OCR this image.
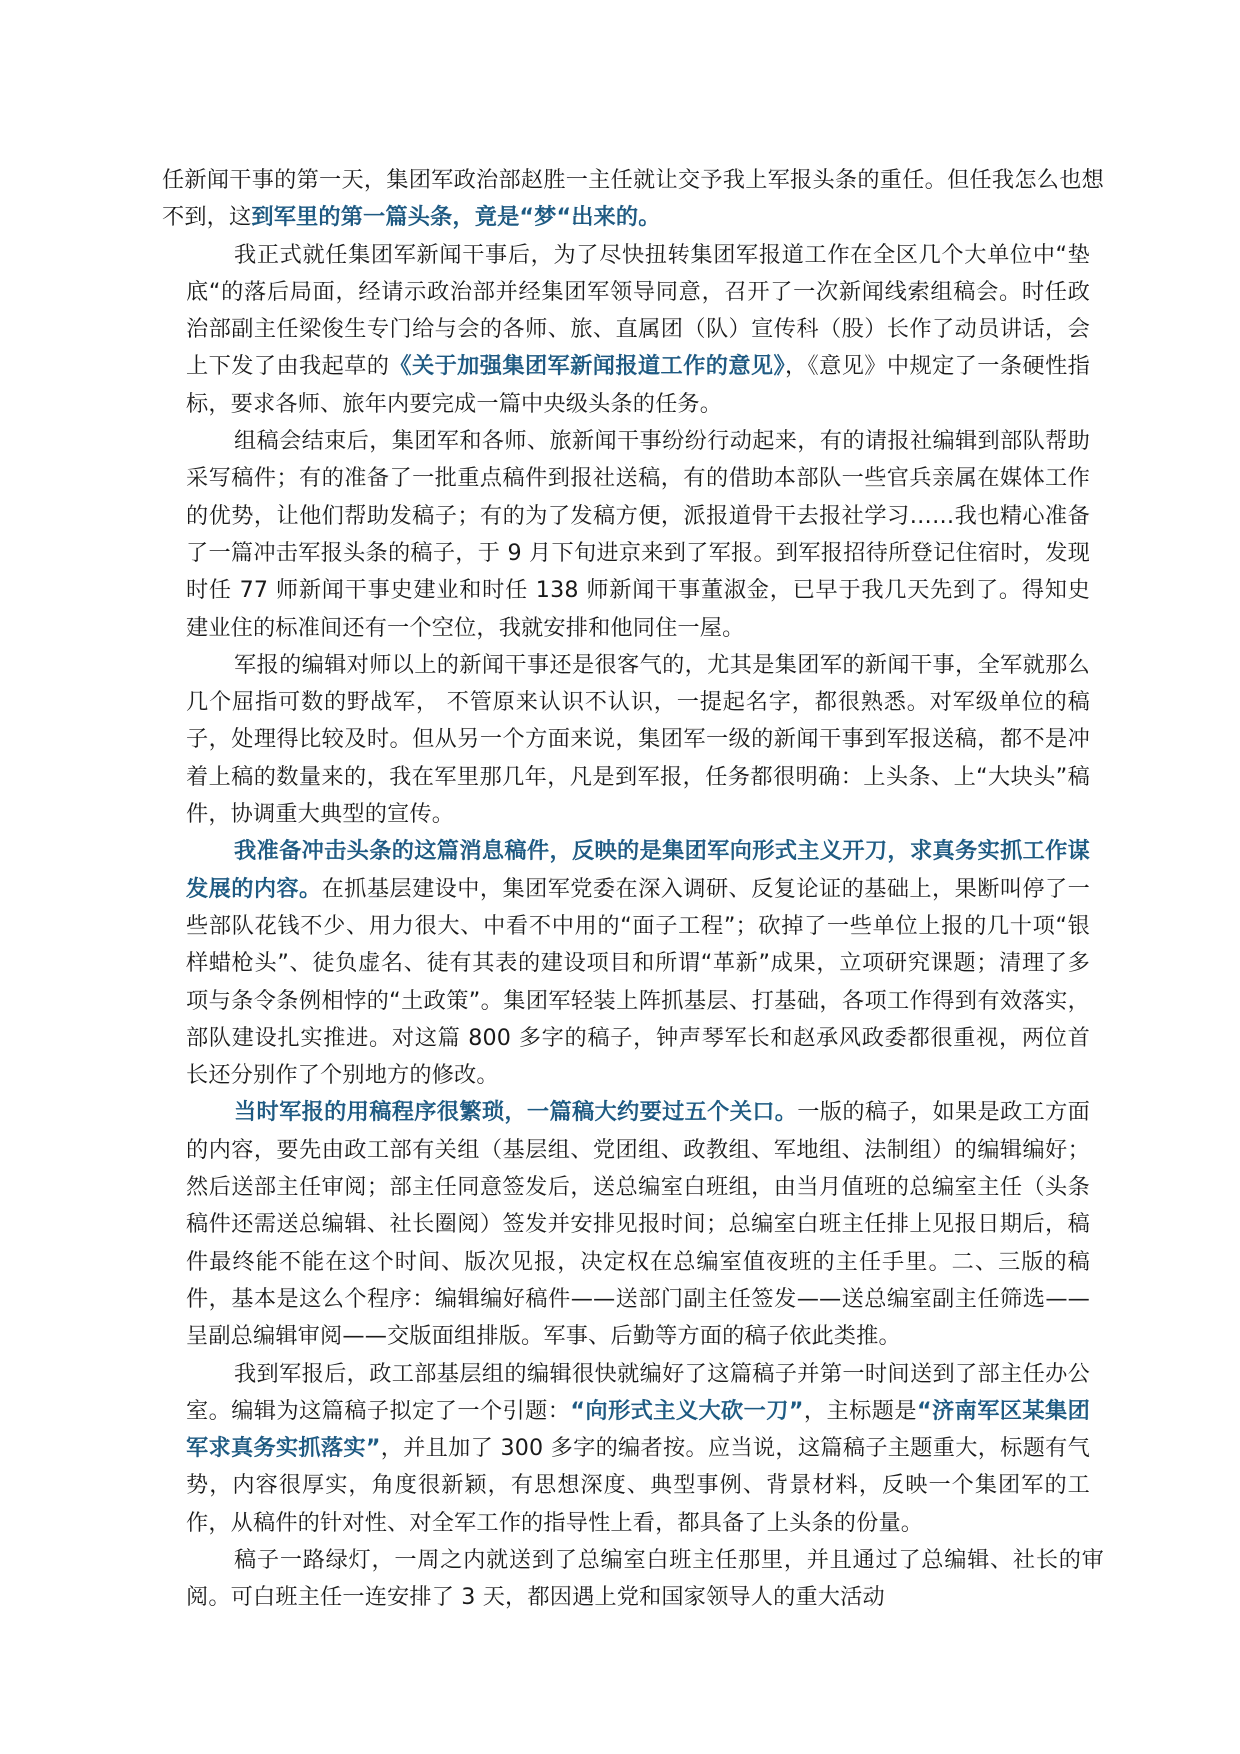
任新闻干事的第一天，集团军政治部赵胜一主任就让交予我上军报头条的重任。但任我怎么也想不到，这到军里的第一篇头条，竟是“梦“出来的。

我正式就任集团军新闻干事后，为了尽快扭转集团军报道工作在全区几个大单位中“垫底“的落后局面，经请示政治部并经集团军领导同意，召开了一次新闻线索组稿会。时任政治部副主任梁俊生专门给与会的各师、旅、直属团（队）宣传科（股）长作了动员讲话，会上下发了由我起草的《关于加强集团军新闻报道工作的意见》，《意见》中规定了一条硬性指标，要求各师、旅年内要完成一篇中央级头条的任务。

组稿会结束后，集团军和各师、旅新闻干事纷纷行动起来，有的请报社编辑到部队帮助采写稿件；有的准备了一批重点稿件到报社送稿，有的借助本部队一些官兵亲属在媒体工作的优势，让他们帮助发稿子；有的为了发稿方便，派报道骨干去报社学习……我也精心准备了一篇冲击军报头条的稿子，于 9 月下旬进京来到了军报。到军报招待所登记住宿时，发现时任 77 师新闻干事史建业和时任 138 师新闻干事董淑金，已早于我几天先到了。得知史建业住的标准间还有一个空位，我就安排和他同住一屋。

军报的编辑对师以上的新闻干事还是很客气的，尤其是集团军的新闻干事，全军就那么几个屈指可数的野战军， 不管原来认识不认识，一提起名字，都很熟悉。对军级单位的稿子，处理得比较及时。但从另一个方面来说，集团军一级的新闻干事到军报送稿，都不是冲着上稿的数量来的，我在军里那几年，凡是到军报，任务都很明确：上头条、上“大块头”稿件，协调重大典型的宣传。

我准备冲击头条的这篇消息稿件，反映的是集团军向形式主义开刀，求真务实抓工作谋发展的内容。在抓基层建设中，集团军党委在深入调研、反复论证的基础上，果断叫停了一些部队花钱不少、用力很大、中看不中用的“面子工程”；砍掉了一些单位上报的几十项“银样蜡枪头”、徒负虚名、徒有其表的建设项目和所谓“革新”成果，立项研究课题；清理了多项与条令条例相悖的“土政策”。集团军轻装上阵抓基层、打基础，各项工作得到有效落实，部队建设扎实推进。对这篇 800 多字的稿子，钟声琴军长和赵承风政委都很重视，两位首长还分别作了个别地方的修改。

当时军报的用稿程序很繁琐，一篇稿大约要过五个关口。一版的稿子，如果是政工方面的内容，要先由政工部有关组（基层组、党团组、政教组、军地组、法制组）的编辑编好；然后送部主任审阅；部主任同意签发后，送总编室白班组，由当月值班的总编室主任（头条稿件还需送总编辑、社长圈阅）签发并安排见报时间；总编室白班主任排上见报日期后，稿件最终能不能在这个时间、版次见报，决定权在总编室值夜班的主任手里。二、三版的稿件，基本是这么个程序：编辑编好稿件——送部门副主任签发——送总编室副主任筛选——呈副总编辑审阅——交版面组排版。军事、后勤等方面的稿子依此类推。

我到军报后，政工部基层组的编辑很快就编好了这篇稿子并第一时间送到了部主任办公室。编辑为这篇稿子拟定了一个引题：“向形式主义大砍一刀”，主标题是“济南军区某集团军求真务实抓落实”，并且加了 300 多字的编者按。应当说，这篇稿子主题重大，标题有气势，内容很厚实，角度很新颖，有思想深度、典型事例、背景材料，反映一个集团军的工作，从稿件的针对性、对全军工作的指导性上看，都具备了上头条的份量。

稿子一路绿灯，一周之内就送到了总编室白班主任那里，并且通过了总编辑、社长的审阅。可白班主任一连安排了 3 天，都因遇上党和国家领导人的重大活动
